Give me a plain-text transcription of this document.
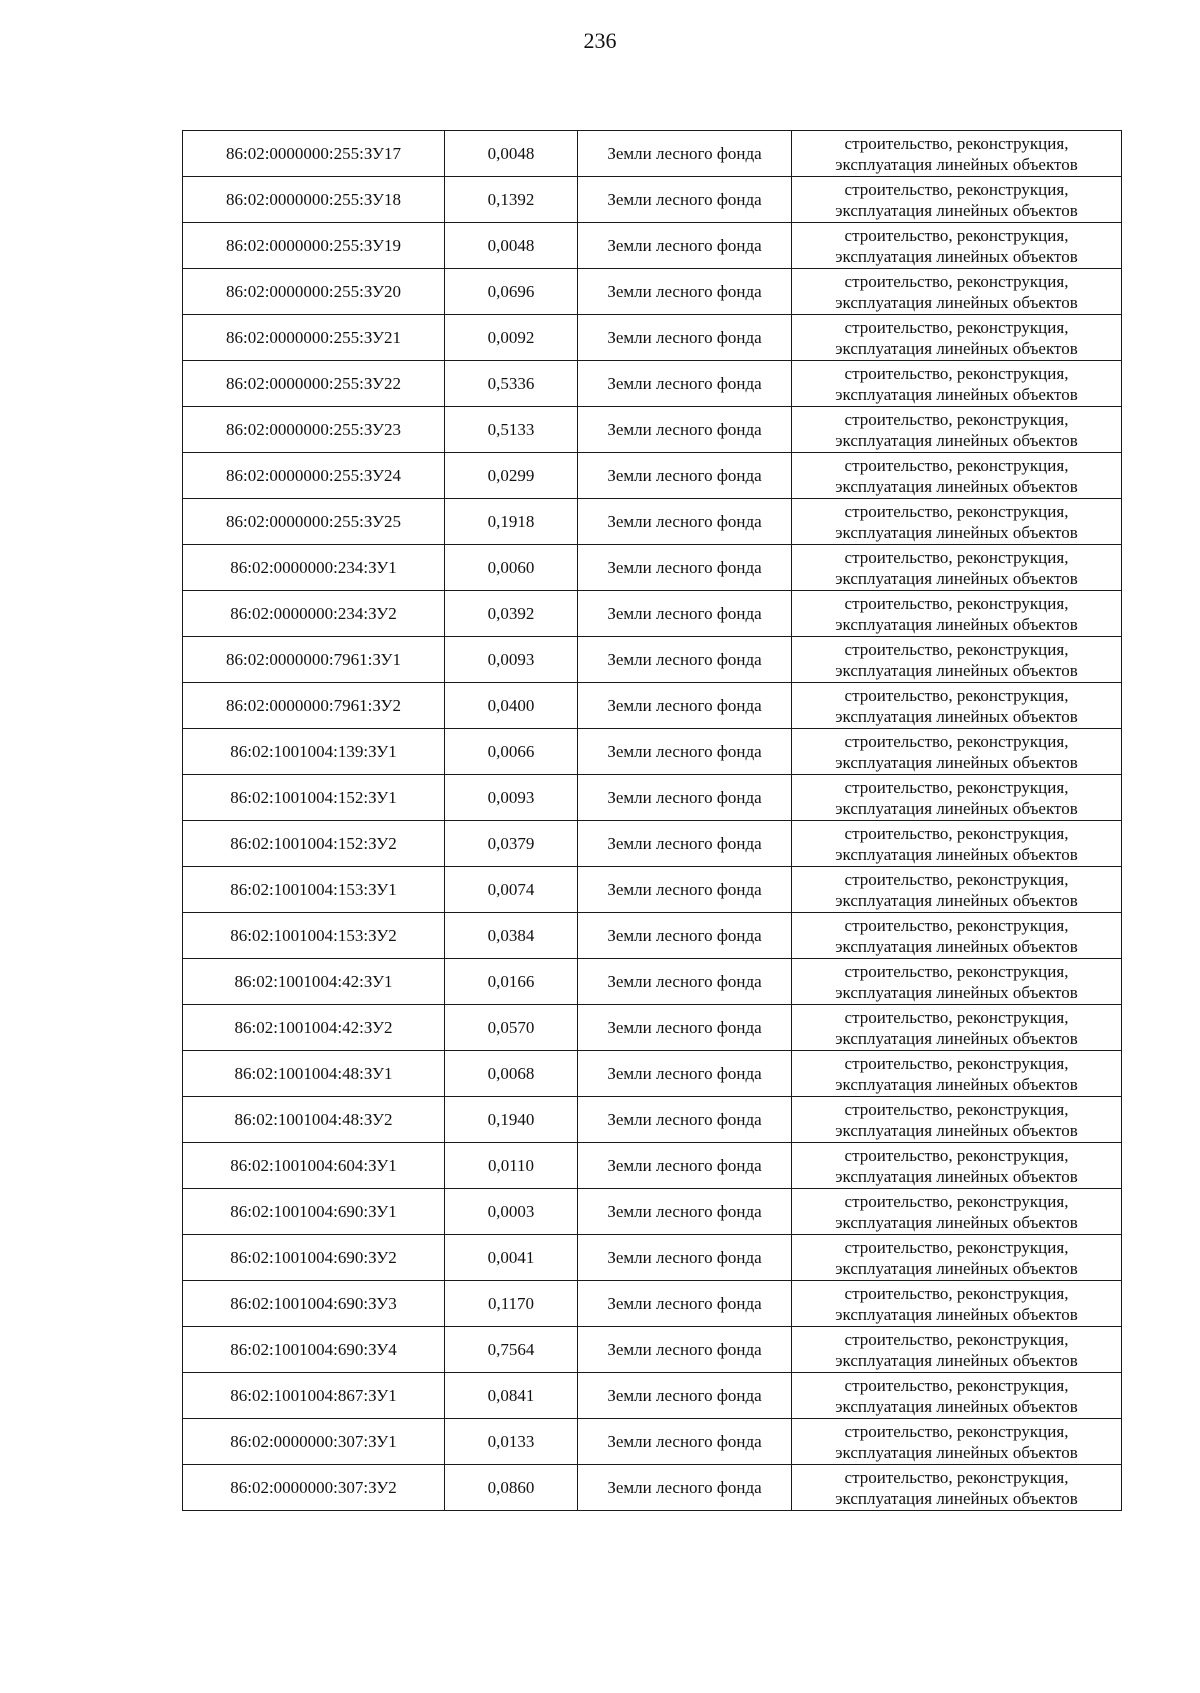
236
86:02:0000000:255:ЗУ17	0,0048	Земли лесного фонда	строительство, реконструкция,
эксплуатация линейных объектов

86:02:0000000:255:ЗУ18	0,1392	Земли лесного фонда	строительство, реконструкция,
эксплуатация линейных объектов

86:02:0000000:255:ЗУ19	0,0048	Земли лесного фонда	строительство, реконструкция,
эксплуатация линейных объектов

86:02:0000000:255:ЗУ20	0,0696	Земли лесного фонда	строительство, реконструкция,
эксплуатация линейных объектов

86:02:0000000:255:ЗУ21	0,0092	Земли лесного фонда	строительство, реконструкция,
эксплуатация линейных объектов

86:02:0000000:255:ЗУ22	0,5336	Земли лесного фонда	строительство, реконструкция,
эксплуатация линейных объектов

86:02:0000000:255:ЗУ23	0,5133	Земли лесного фонда	строительство, реконструкция,
эксплуатация линейных объектов

86:02:0000000:255:ЗУ24	0,0299	Земли лесного фонда	строительство, реконструкция,
эксплуатация линейных объектов

86:02:0000000:255:ЗУ25	0,1918	Земли лесного фонда	строительство, реконструкция,
эксплуатация линейных объектов

86:02:0000000:234:ЗУ1	0,0060	Земли лесного фонда	строительство, реконструкция,
эксплуатация линейных объектов

86:02:0000000:234:ЗУ2	0,0392	Земли лесного фонда	строительство, реконструкция,
эксплуатация линейных объектов

86:02:0000000:7961:ЗУ1	0,0093	Земли лесного фонда	строительство, реконструкция,
эксплуатация линейных объектов

86:02:0000000:7961:ЗУ2	0,0400	Земли лесного фонда	строительство, реконструкция,
эксплуатация линейных объектов

86:02:1001004:139:ЗУ1	0,0066	Земли лесного фонда	строительство, реконструкция,
эксплуатация линейных объектов

86:02:1001004:152:ЗУ1	0,0093	Земли лесного фонда	строительство, реконструкция,
эксплуатация линейных объектов

86:02:1001004:152:ЗУ2	0,0379	Земли лесного фонда	строительство, реконструкция,
эксплуатация линейных объектов

86:02:1001004:153:ЗУ1	0,0074	Земли лесного фонда	строительство, реконструкция,
эксплуатация линейных объектов

86:02:1001004:153:ЗУ2	0,0384	Земли лесного фонда	строительство, реконструкция,
эксплуатация линейных объектов

86:02:1001004:42:ЗУ1	0,0166	Земли лесного фонда	строительство, реконструкция,
эксплуатация линейных объектов

86:02:1001004:42:ЗУ2	0,0570	Земли лесного фонда	строительство, реконструкция,
эксплуатация линейных объектов

86:02:1001004:48:ЗУ1	0,0068	Земли лесного фонда	строительство, реконструкция,
эксплуатация линейных объектов

86:02:1001004:48:ЗУ2	0,1940	Земли лесного фонда	строительство, реконструкция,
эксплуатация линейных объектов

86:02:1001004:604:ЗУ1	0,0110	Земли лесного фонда	строительство, реконструкция,
эксплуатация линейных объектов

86:02:1001004:690:ЗУ1	0,0003	Земли лесного фонда	строительство, реконструкция,
эксплуатация линейных объектов

86:02:1001004:690:ЗУ2	0,0041	Земли лесного фонда	строительство, реконструкция,
эксплуатация линейных объектов

86:02:1001004:690:ЗУ3	0,1170	Земли лесного фонда	строительство, реконструкция,
эксплуатация линейных объектов

86:02:1001004:690:ЗУ4	0,7564	Земли лесного фонда	строительство, реконструкция,
эксплуатация линейных объектов

86:02:1001004:867:ЗУ1	0,0841	Земли лесного фонда	строительство, реконструкция,
эксплуатация линейных объектов

86:02:0000000:307:ЗУ1	0,0133	Земли лесного фонда	строительство, реконструкция,
эксплуатация линейных объектов

86:02:0000000:307:ЗУ2	0,0860	Земли лесного фонда	строительство, реконструкция,
эксплуатация линейных объектов
